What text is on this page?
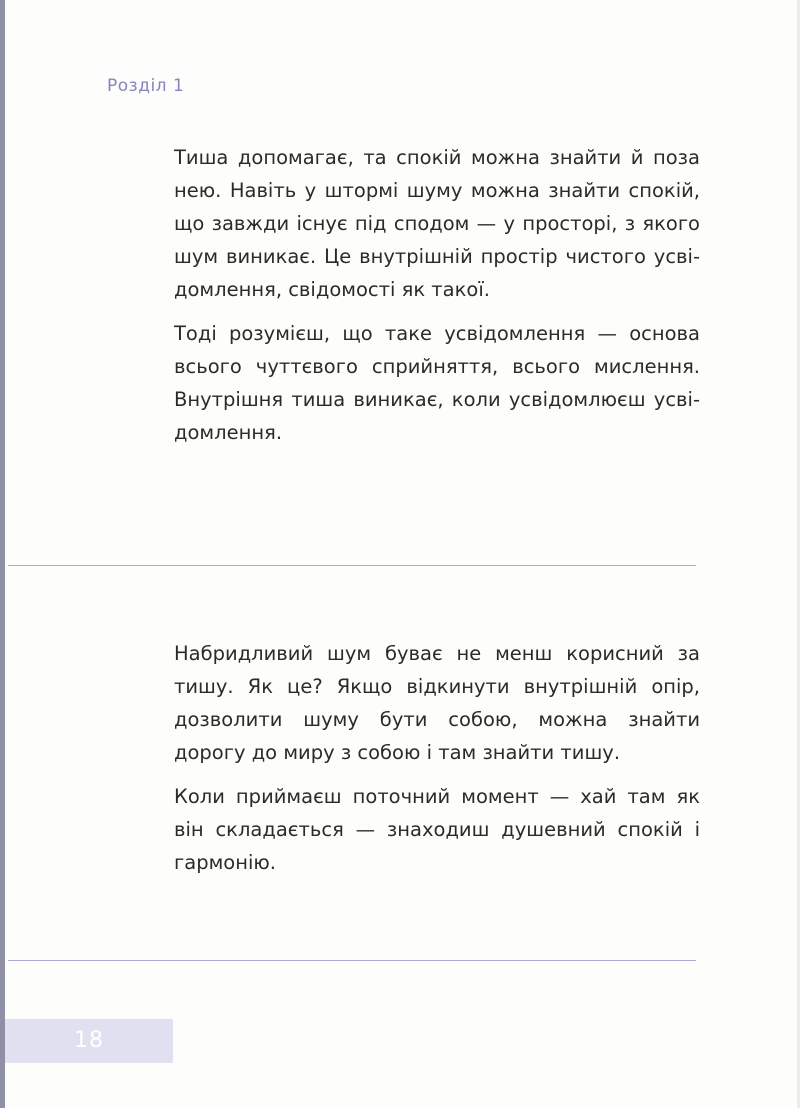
Розділ 1

Тиша допомагає, та спокій можна знайти й поза нею. Навіть у штормі шуму можна знайти спокій, що завжди існує під сподом — у просторі, з якого шум виникає. Це внутрішній простір чистого усвідомлення, свідомості як такої.

Тоді розумієш, що таке усвідомлення — основа всього чуттєвого сприйняття, всього мислення. Внутрішня тиша виникає, коли усвідомлюєш усвідомлення.

Набридливий шум буває не менш корисний за тишу. Як це? Якщо відкинути внутрішній опір, дозволити шуму бути собою, можна знайти дорогу до миру з собою і там знайти тишу.

Коли приймаєш поточний момент — хай там як він складається — знаходиш душевний спокій і гармонію.

18
